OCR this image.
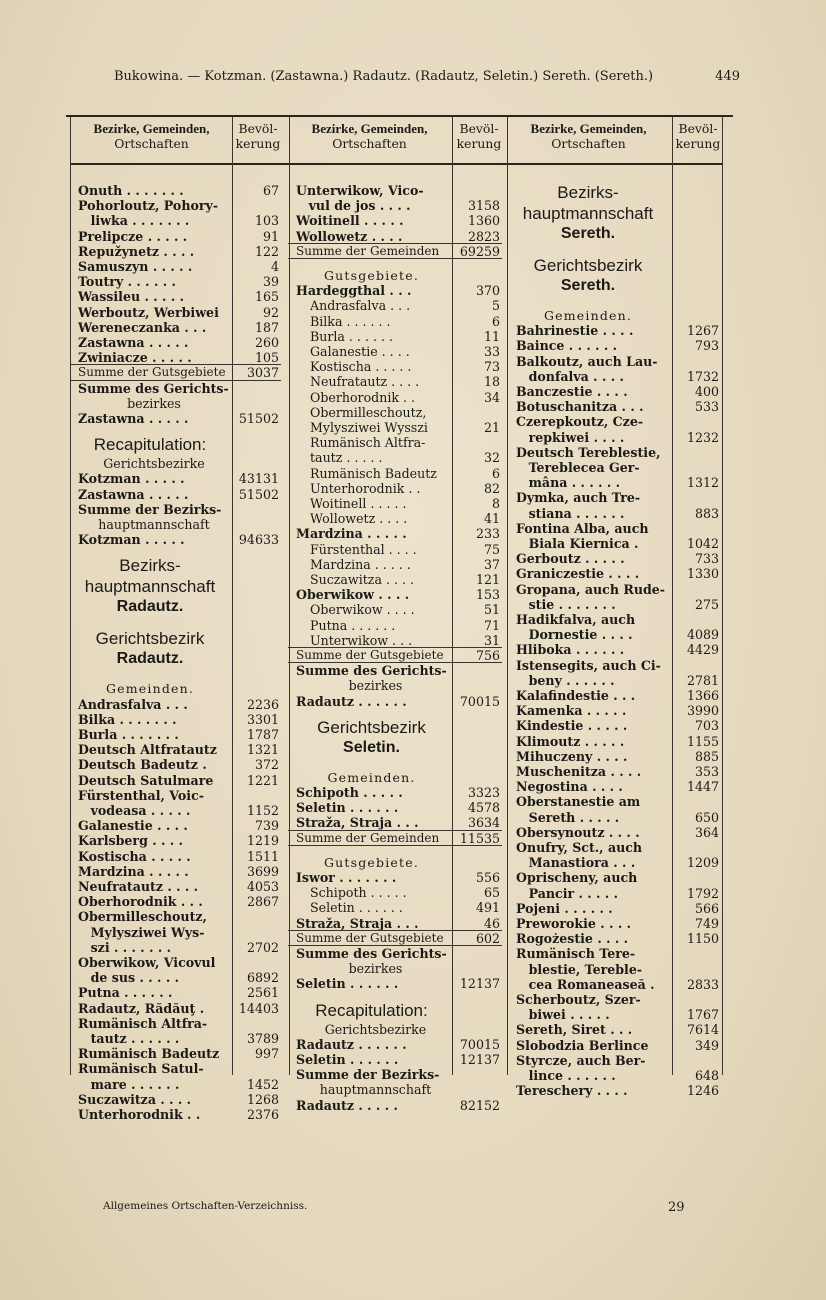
Bukowina. — Kotzman. (Zastawna.) Radautz. (Radautz, Seletin.) Sereth. (Sereth.)	449
Bezirke, Gemeinden,
Ortschaften
Bevöl-
kerung
Bezirke, Gemeinden,
Ortschaften
Bevöl-
kerung
Bezirke, Gemeinden,
Ortschaften
Bevöl-
kerung
Onuth . . . . . . .	67
Pohorloutz, Pohory-
 liwka . . . . . . .	103
Prelipcze . . . . .	91
Repužynetz . . . .	122
Samuszyn . . . . .	4
Toutry . . . . . .	39
Wassileu . . . . .	165
Werboutz, Werbiwei	92
Wereneczanka . . .	187
Zastawna . . . . .	260
Zwiniacze . . . . .	105
Summe der Gutsgebiete 3037
Summe des Gerichts-
bezirkes
Zastawna . . . . .	51502
Recapitulation:
Gerichtsbezirke
Kotzman . . . . .	43131
Zastawna . . . . .	51502
Summe der Bezirks-
hauptmannschaft
Kotzman . . . . .	94633
Bezirks-
hauptmannschaft
Radautz.
Gerichtsbezirk
Radautz.
Gemeinden.
Andrasfalva . . .	2236
Bilka . . . . . . .	3301
Burla . . . . . . .	1787
Deutsch Altfratautz 1321
Deutsch Badeutz .	372
Deutsch Satulmare	1221
Fürstenthal, Voic-
 vodeasa . . . . .	1152
Galanestie . . . .	739
Karlsberg . . . .	1219
Kostischa . . . . .	1511
Mardzina . . . . .	3699
Neufratautz . . . .	4053
Oberhorodnik . . .	2867
Obermilleschoutz,
 Mylysziwei Wys-
 szi . . . . . . .	2702
Oberwikow, Vicovul
 de sus . . . . .	6892
Putna . . . . . .	2561
Radautz, Rădăuţ .	14403
Rumänisch Altfra-
 tautz . . . . . .	3789
Rumänisch Badeutz	997
Rumänisch Satul-
 mare . . . . . .	1452
Suczawitza . . . .	1268
Unterhorodnik . .	2376
Unterwikow, Vico-
 vul de jos . . . .	3158
Woitinell . . . . .	1360
Wollowetz . . . .	2823
Summe der Gemeinden 69259
Gutsgebiete.
Hardeggthal . . .	370
Andrasfalva . . .	5
Bilka . . . . . .	6
Burla . . . . . .	11
Galanestie . . . .	33
Kostischa . . . . .	73
Neufratautz . . . .	18
Oberhorodnik . .	34
Obermilleschoutz,
Mylysziwei Wysszi	21
Rumänisch Altfra-
tautz . . . . .	32
Rumänisch Badeutz	6
Unterhorodnik . .	82
Woitinell . . . . .	8
Wollowetz . . . .	41
Mardzina . . . . .	233
Fürstenthal . . . .	75
Mardzina . . . . .	37
Suczawitza . . . .	121
Oberwikow . . . .	153
Oberwikow . . . .	51
Putna . . . . . .	71
Unterwikow . . .	31
Summe der Gutsgebiete	756
Summe des Gerichts-
bezirkes
Radautz . . . . . .	70015
Gerichtsbezirk
Seletin.
Gemeinden.
Schipoth . . . . .	3323
Seletin . . . . . .	4578
Straža, Straja . . .	3634
Summe der Gemeinden 11535
Gutsgebiete.
Iswor . . . . . . .	556
Schipoth . . . . .	65
Seletin . . . . . .	491
Straža, Straja . . .	46
Summe der Gutsgebiete	602
Summe des Gerichts-
bezirkes
Seletin . . . . . .	12137
Recapitulation:
Gerichtsbezirke
Radautz . . . . . .	70015
Seletin . . . . . .	12137
Summe der Bezirks-
hauptmannschaft
Radautz . . . . .	82152
Bezirks-
hauptmannschaft
Sereth.
Gerichtsbezirk
Sereth.
Gemeinden.
Bahrinestie . . . .	1267
Baince . . . . . .	793
Balkoutz, auch Lau-
 donfalva . . . .	1732
Banczestie . . . .	400
Botuschanitza . . .	533
Czerepkoutz, Cze-
 repkiwei . . . .	1232
Deutsch Tereblestie,
 Tereblecea Ger-
 mâna . . . . . .	1312
Dymka, auch Tre-
 stiana . . . . . .	883
Fontina Alba, auch
 Biala Kiernica .	1042
Gerboutz . . . . .	733
Graniczestie . . . .	1330
Gropana, auch Rude-
 stie . . . . . . .	275
Hadikfalva, auch
 Dornestie . . . .	4089
Hliboka . . . . . .	4429
Istensegits, auch Ci-
 beny . . . . . .	2781
Kalafindestie . . .	1366
Kamenka . . . . .	3990
Kindestie . . . . .	703
Klimoutz . . . . .	1155
Mihuczeny . . . .	885
Muschenitza . . . .	353
Negostina . . . .	1447
Oberstanestie am
 Sereth . . . . .	650
Obersynoutz . . . .	364
Onufry, Sct., auch
 Manastiora . . .	1209
Oprischeny, auch
 Pancir . . . . .	1792
Pojeni . . . . . .	566
Preworokie . . . .	749
Rogożestie . . . .	1150
Rumänisch Tere-
 blestie, Tereble-
 cea Romaneaseă .	2833
Scherboutz, Szer-
 biwei . . . . .	1767
Sereth, Siret . . .	7614
Slobodzia Berlince	349
Styrcze, auch Ber-
 lince . . . . . .	648
Tereschery . . . .	1246
Allgemeines Ortschaften-Verzeichniss.	29
